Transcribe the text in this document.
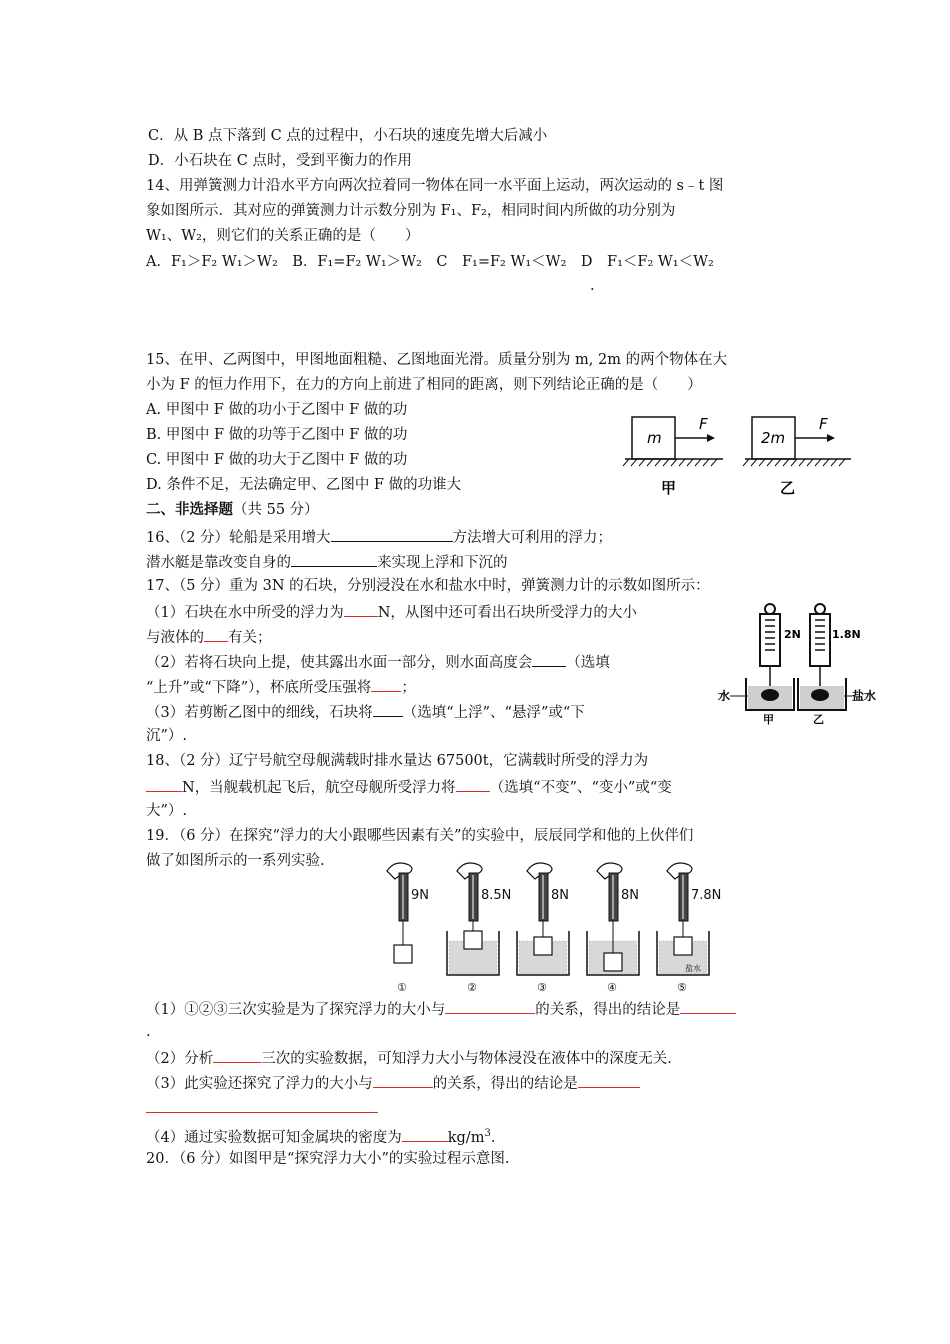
C．从 B 点下落到 C 点的过程中，小石块的速度先增大后减小
D．小石块在 C 点时，受到平衡力的作用
14、用弹簧测力计沿水平方向两次拉着同一物体在同一水平面上运动，两次运动的 s﹣t 图
象如图所示．其对应的弹簧测力计示数分别为 F₁、F₂，相同时间内所做的功分别为
W₁、W₂，则它们的关系正确的是（　　）
A．F₁＞F₂ W₁＞W₂　B．F₁=F₂ W₁＞W₂　C　F₁=F₂ W₁＜W₂　D　F₁＜F₂ W₁＜W₂
.
15、在甲、乙两图中，甲图地面粗糙、乙图地面光滑。质量分别为 m, 2m 的两个物体在大
小为 F 的恒力作用下，在力的方向上前进了相同的距离，则下列结论正确的是（　　）
A. 甲图中 F 做的功小于乙图中 F 做的功
B. 甲图中 F 做的功等于乙图中 F 做的功
C. 甲图中 F 做的功大于乙图中 F 做的功
D. 条件不足，无法确定甲、乙图中 F 做的功谁大
m
F
甲
2m
F
乙
二、非选择题（共 55 分）
16、（2 分）轮船是采用增大	方法增大可利用的浮力；
潜水艇是靠改变自身的	来实现上浮和下沉的
17、（5 分）重为 3N 的石块，分别浸没在水和盐水中时，弹簧测力计的示数如图所示：
（1）石块在水中所受的浮力为 N，从图中还可看出石块所受浮力的大小
与液体的 有关；
（2）若将石块向上提，使其露出水面一部分，则水面高度会 （选填
“上升”或“下降”），杯底所受压强将 ；
（3）若剪断乙图中的细线，石块将 （选填“上浮”、“悬浮”或“下
沉”）.
2N
水
甲
1.8N
盐水
乙
18、（2 分）辽宁号航空母舰满载时排水量达 67500t，它满载时所受的浮力为
N，当舰载机起飞后，航空母舰所受浮力将 （选填“不变”、“变小”或“变
大”）.
19．（6 分）在探究“浮力的大小跟哪些因素有关”的实验中，辰辰同学和他的上伙伴们
做了如图所示的一系列实验.
9N
①
8.5N
②
8N
③
8N
④
7.8N
盐水
⑤
（1）①②③三次实验是为了探究浮力的大小与	的关系，得出的结论是
.
（2）分析	三次的实验数据，可知浮力大小与物体浸没在液体中的深度无关.
（3）此实验还探究了浮力的大小与	的关系，得出的结论是
（4）通过实验数据可知金属块的密度为	$kg/m^3$.
20．（6 分）如图甲是“探究浮力大小”的实验过程示意图.
